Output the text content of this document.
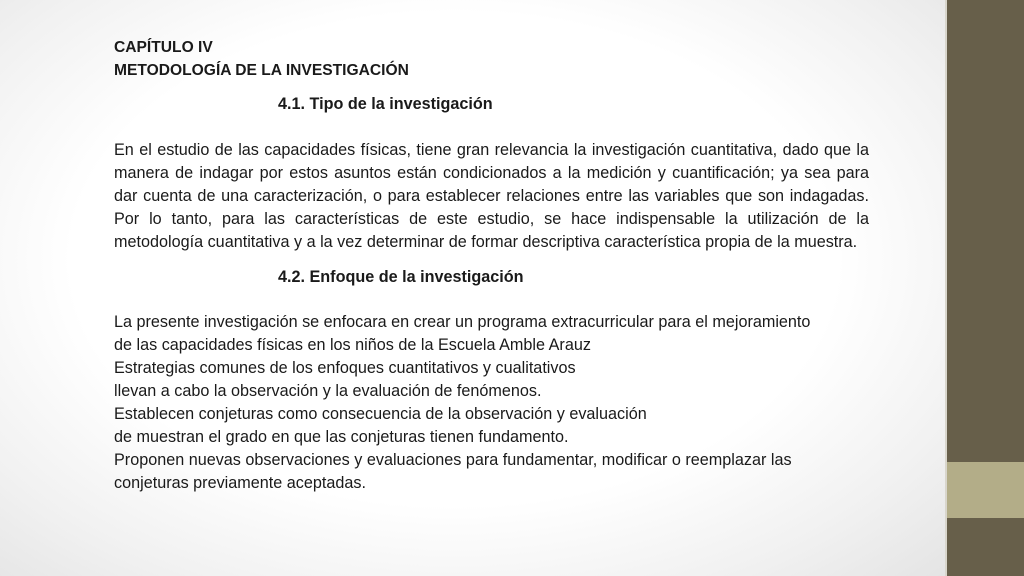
CAPÍTULO IV

METODOLOGÍA DE LA INVESTIGACIÓN

4.1. Tipo de la investigación

En el estudio de las capacidades físicas, tiene gran relevancia la investigación cuantitativa, dado que la manera de indagar por estos asuntos están condicionados a la medición y cuantificación; ya sea para dar cuenta de una caracterización, o para establecer relaciones entre las variables que son indagadas. Por lo tanto, para las características de este estudio, se hace indispensable la utilización de la metodología cuantitativa y a la vez determinar de formar descriptiva característica propia de la muestra.

4.2. Enfoque de la investigación

La presente investigación se enfocara en crear un programa extracurricular para el mejoramiento
de las capacidades físicas en los niños de la Escuela Amble Arauz
Estrategias comunes de los enfoques cuantitativos y cualitativos
llevan a cabo la observación y la evaluación de fenómenos.
Establecen conjeturas como consecuencia de la observación y evaluación
de muestran el grado en que las conjeturas tienen fundamento.
Proponen nuevas observaciones y evaluaciones para fundamentar, modificar o reemplazar las
conjeturas previamente aceptadas.
